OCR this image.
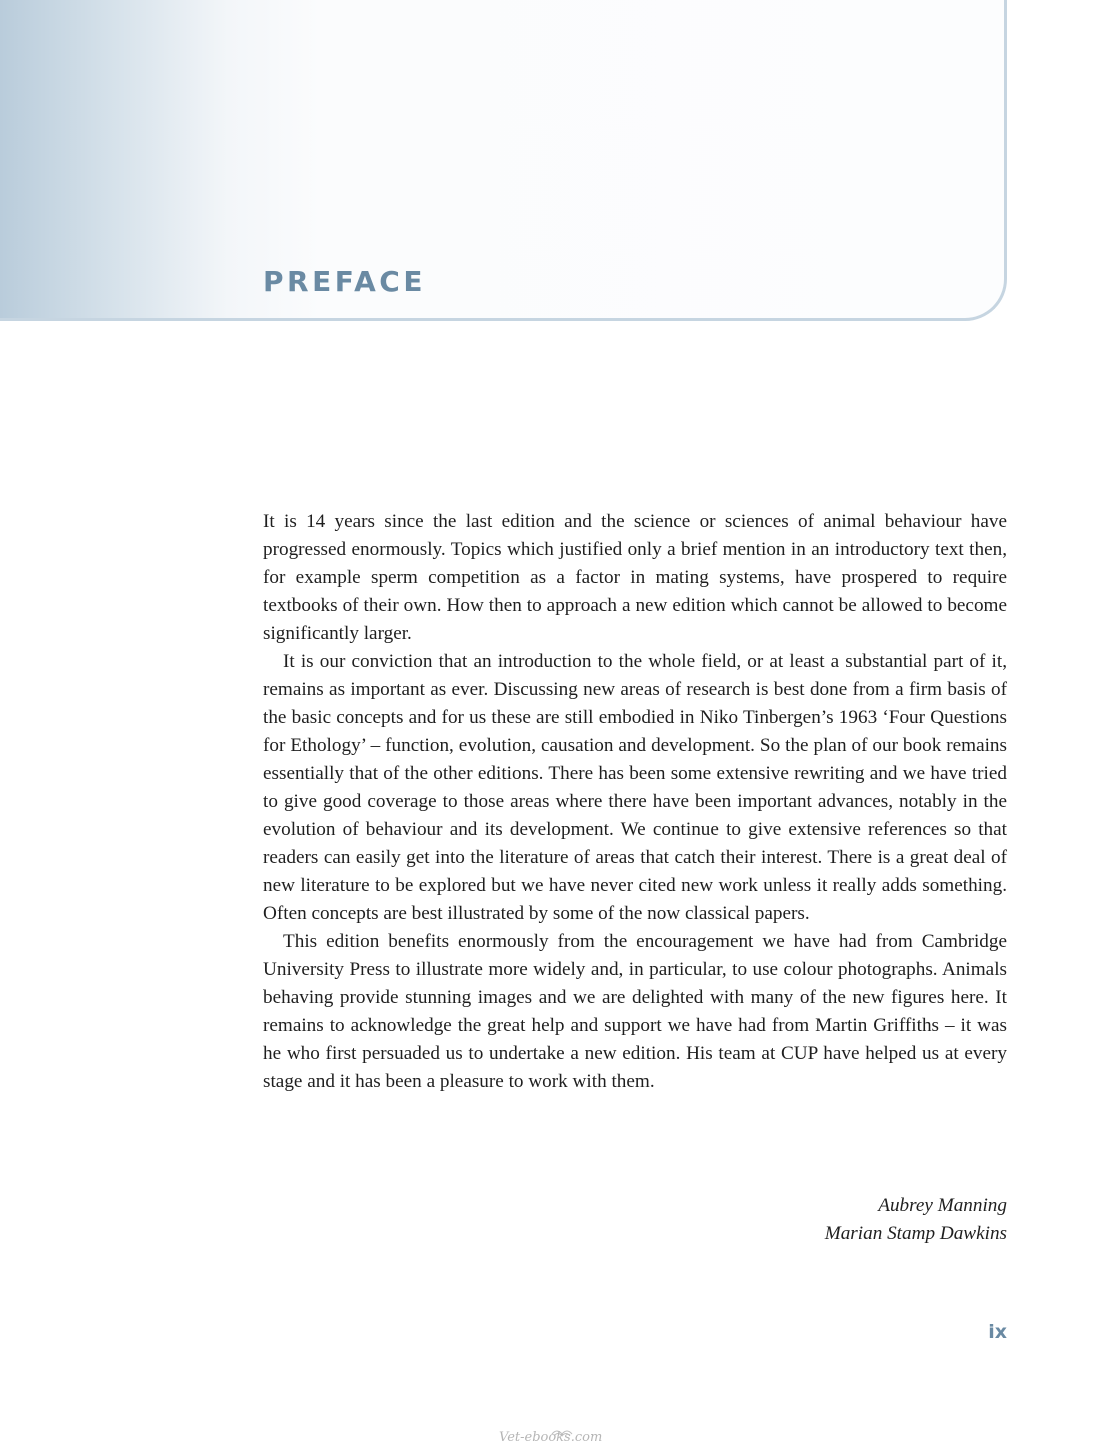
PREFACE

It is 14 years since the last edition and the science or sciences of animal behaviour have progressed enormously. Topics which justified only a brief mention in an introductory text then, for example sperm competition as a factor in mating systems, have prospered to require textbooks of their own. How then to approach a new edition which cannot be allowed to become significantly larger.

It is our conviction that an introduction to the whole field, or at least a substantial part of it, remains as important as ever. Discussing new areas of research is best done from a firm basis of the basic concepts and for us these are still embodied in Niko Tinbergen’s 1963 ‘Four Questions for Ethology’ – function, evolution, causation and development. So the plan of our book remains essentially that of the other editions. There has been some extensive rewriting and we have tried to give good coverage to those areas where there have been important advances, notably in the evolution of behaviour and its development. We continue to give extensive references so that readers can easily get into the literature of areas that catch their interest. There is a great deal of new literature to be explored but we have never cited new work unless it really adds something. Often concepts are best illustrated by some of the now classical papers.

This edition benefits enormously from the encouragement we have had from Cambridge University Press to illustrate more widely and, in particular, to use colour photographs. Animals behaving provide stunning images and we are delighted with many of the new figures here. It remains to acknowledge the great help and support we have had from Martin Griffiths – it was he who first persuaded us to undertake a new edition. His team at CUP have helped us at every stage and it has been a pleasure to work with them.

Aubrey Manning
Marian Stamp Dawkins
ix
Vet-ebooks.com
